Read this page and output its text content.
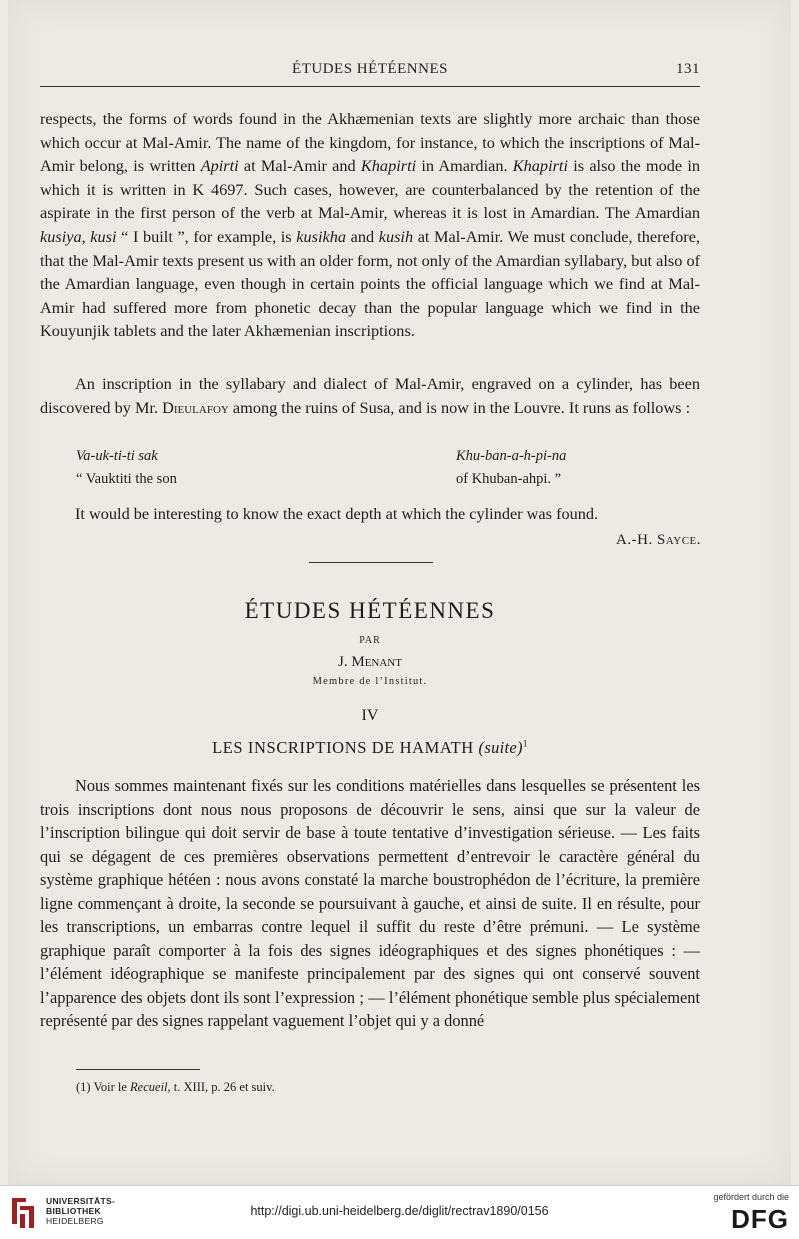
ÉTUDES HÉTÉENNES	131

respects, the forms of words found in the Akhæmenian texts are slightly more archaic than those which occur at Mal-Amir. The name of the kingdom, for instance, to which the inscriptions of Mal-Amir belong, is written Apirti at Mal-Amir and Khapirti in Amardian. Khapirti is also the mode in which it is written in K 4697. Such cases, however, are counterbalanced by the retention of the aspirate in the first person of the verb at Mal-Amir, whereas it is lost in Amardian. The Amardian kusiya, kusi “ I built ”, for example, is kusikha and kusih at Mal-Amir. We must conclude, therefore, that the Mal-Amir texts present us with an older form, not only of the Amardian syllabary, but also of the Amardian language, even though in certain points the official language which we find at Mal-Amir had suffered more from phonetic decay than the popular language which we find in the Kouyunjik tablets and the later Akhæmenian inscriptions.

An inscription in the syllabary and dialect of Mal-Amir, engraved on a cylinder, has been discovered by Mr. Dieulafoy among the ruins of Susa, and is now in the Louvre. It runs as follows :

Va-uk-ti-ti sak	Khu-ban-a-h-pi-na
“ Vauktiti the son	of Khuban-ahpi. ”

It would be interesting to know the exact depth at which the cylinder was found.

A.-H. Sayce.
ÉTUDES HÉTÉENNES
PAR
J. Menant
Membre de l’Institut.
IV
LES INSCRIPTIONS DE HAMATH (suite)$^1$

Nous sommes maintenant fixés sur les conditions matérielles dans lesquelles se présentent les trois inscriptions dont nous nous proposons de découvrir le sens, ainsi que sur la valeur de l’inscription bilingue qui doit servir de base à toute tentative d’investigation sérieuse. — Les faits qui se dégagent de ces premières observations permettent d’entrevoir le caractère général du système graphique hétéen : nous avons constaté la marche boustrophédon de l’écriture, la première ligne commençant à droite, la seconde se poursuivant à gauche, et ainsi de suite. Il en résulte, pour les transcriptions, un embarras contre lequel il suffit du reste d’être prémuni. — Le système graphique paraît comporter à la fois des signes idéographiques et des signes phonétiques : — l’élément idéographique se manifeste principalement par des signes qui ont conservé souvent l’apparence des objets dont ils sont l’expression ; — l’élément phonétique semble plus spécialement représenté par des signes rappelant vaguement l’objet qui y a donné

(1) Voir le Recueil, t. XIII, p. 26 et suiv.
UNIVERSITÄTS-
BIBLIOTHEK
HEIDELBERG
http://digi.ub.uni-heidelberg.de/diglit/rectrav1890/0156
gefördert durch die
DFG
